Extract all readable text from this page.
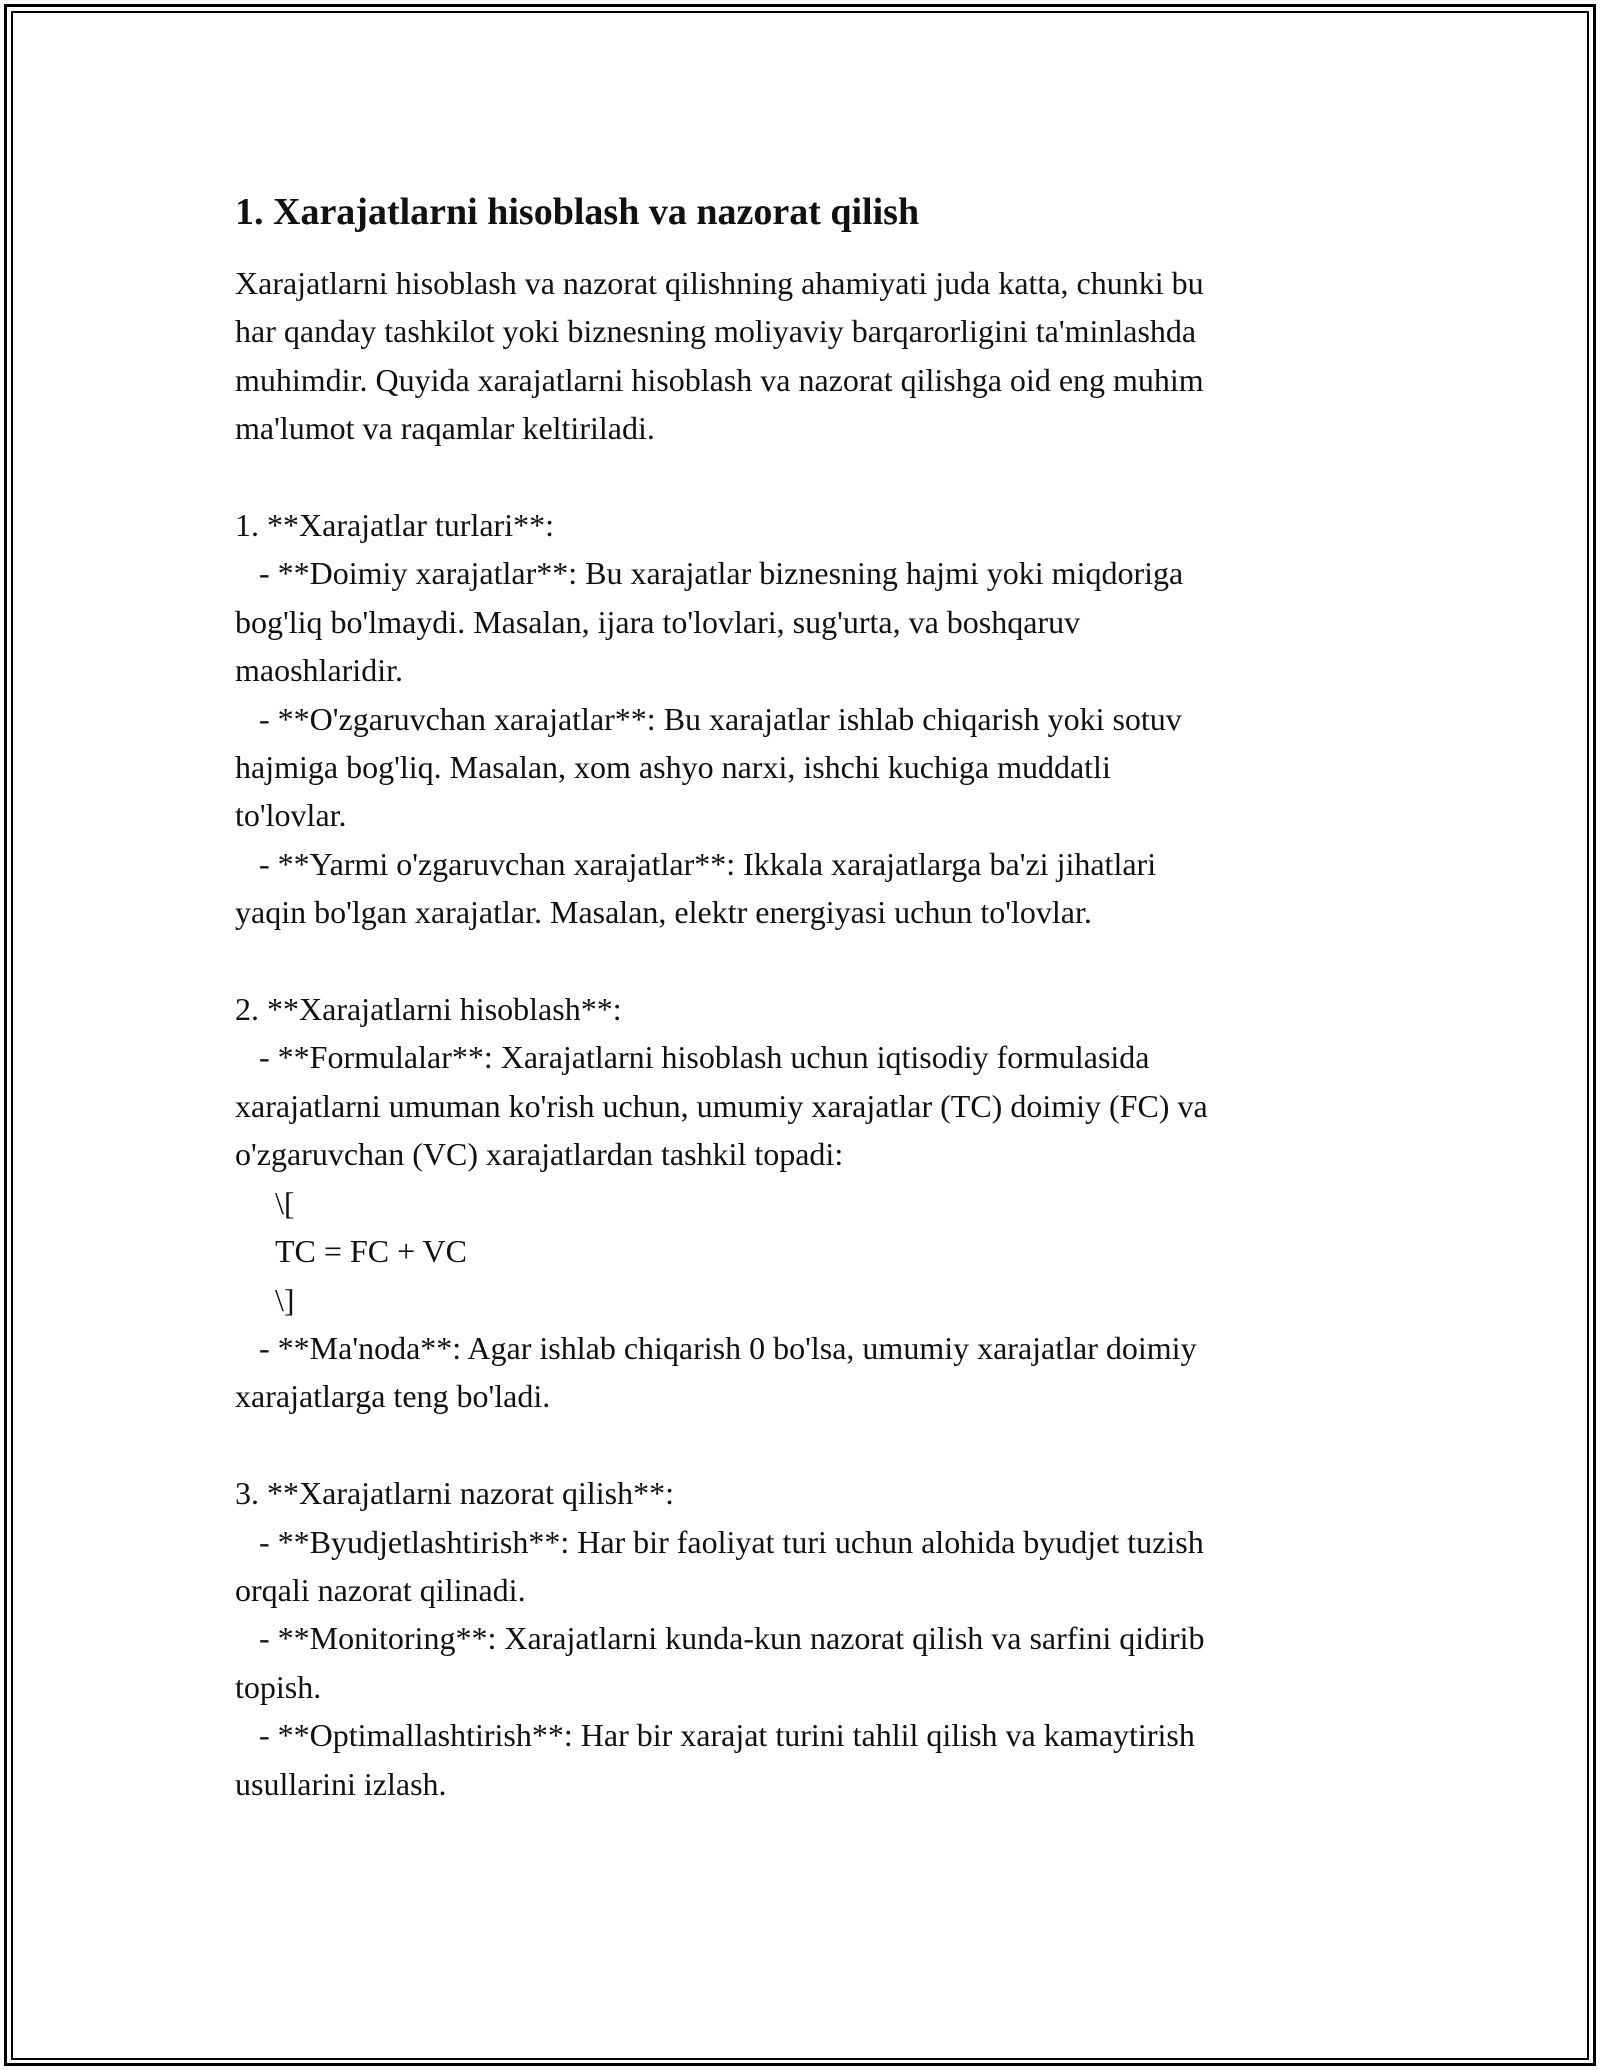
1. Xarajatlarni hisoblash va nazorat qilish

Xarajatlarni hisoblash va nazorat qilishning ahamiyati juda katta, chunki bu
har qanday tashkilot yoki biznesning moliyaviy barqarorligini ta'minlashda
muhimdir. Quyida xarajatlarni hisoblash va nazorat qilishga oid eng muhim
ma'lumot va raqamlar keltiriladi.

1. **Xarajatlar turlari**:
- **Doimiy xarajatlar**: Bu xarajatlar biznesning hajmi yoki miqdoriga
bog'liq bo'lmaydi. Masalan, ijara to'lovlari, sug'urta, va boshqaruv
maoshlaridir.
- **O'zgaruvchan xarajatlar**: Bu xarajatlar ishlab chiqarish yoki sotuv
hajmiga bog'liq. Masalan, xom ashyo narxi, ishchi kuchiga muddatli
to'lovlar.
- **Yarmi o'zgaruvchan xarajatlar**: Ikkala xarajatlarga ba'zi jihatlari
yaqin bo'lgan xarajatlar. Masalan, elektr energiyasi uchun to'lovlar.

2. **Xarajatlarni hisoblash**:
- **Formulalar**: Xarajatlarni hisoblash uchun iqtisodiy formulasida
xarajatlarni umuman ko'rish uchun, umumiy xarajatlar (TC) doimiy (FC) va
o'zgaruvchan (VC) xarajatlardan tashkil topadi:
\[
TC = FC + VC
\]
- **Ma'noda**: Agar ishlab chiqarish 0 bo'lsa, umumiy xarajatlar doimiy
xarajatlarga teng bo'ladi.

3. **Xarajatlarni nazorat qilish**:
- **Byudjetlashtirish**: Har bir faoliyat turi uchun alohida byudjet tuzish
orqali nazorat qilinadi.
- **Monitoring**: Xarajatlarni kunda-kun nazorat qilish va sarfini qidirib
topish.
- **Optimallashtirish**: Har bir xarajat turini tahlil qilish va kamaytirish
usullarini izlash.
